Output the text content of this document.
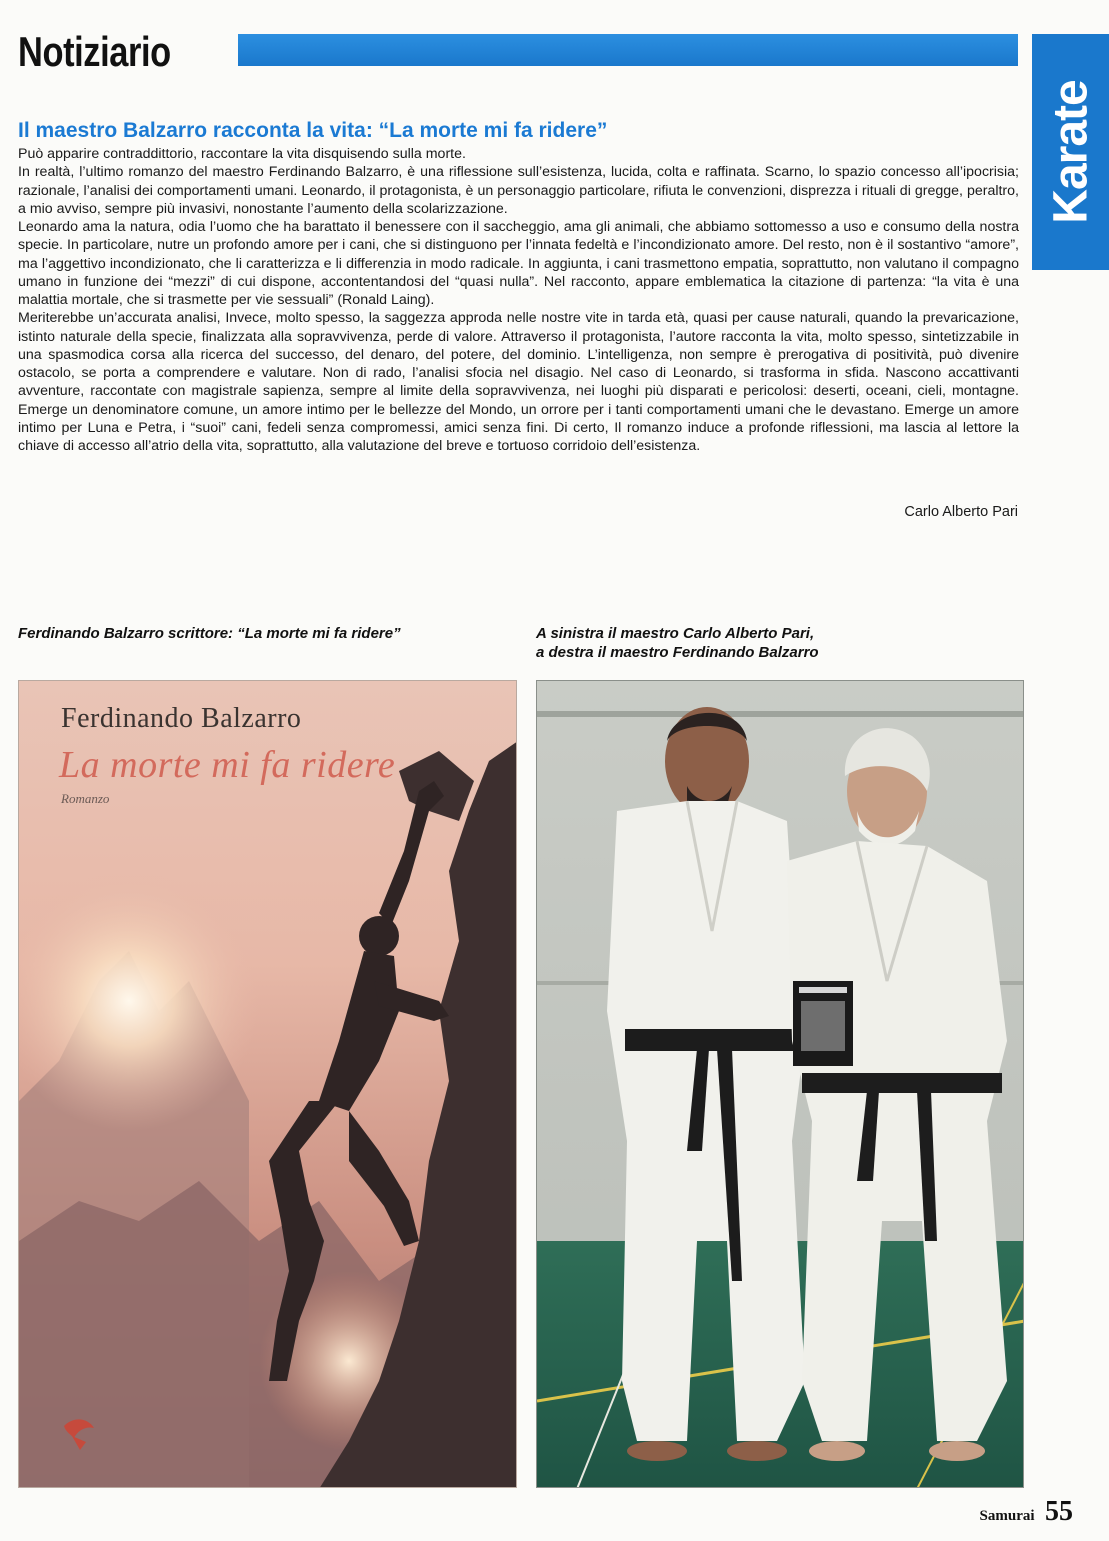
Notiziario
Karate
Il maestro Balzarro racconta la vita: “La morte mi fa ridere”

Può apparire contraddittorio, raccontare la vita disquisendo sulla morte.

In realtà, l’ultimo romanzo del maestro Ferdinando Balzarro, è una riflessione sull’esistenza, lucida, colta e raffinata. Scarno, lo spazio concesso all’ipocrisia; razionale, l’analisi dei comportamenti umani. Leonardo, il protagonista, è un personaggio particolare, rifiuta le convenzioni, disprezza i rituali di gregge, peraltro, a mio avviso, sempre più invasivi, nonostante l’aumento della scolarizzazione.

Leonardo ama la natura, odia l’uomo che ha barattato il benessere con il saccheggio, ama gli animali, che abbiamo sottomesso a uso e consumo della nostra specie. In particolare, nutre un profondo amore per i cani, che si distinguono per l’innata fedeltà e l’incondizionato amore. Del resto, non è il sostantivo “amore”, ma l’aggettivo incondizionato, che li caratterizza e li differenzia in modo radicale. In aggiunta, i cani trasmettono empatia, soprattutto, non valutano il compagno umano in funzione dei “mezzi” di cui dispone, accontentandosi del “quasi nulla”. Nel racconto, appare emblematica la citazione di partenza: “la vita è una malattia mortale, che si trasmette per vie sessuali” (Ronald Laing).

Meriterebbe un’accurata analisi, Invece, molto spesso, la saggezza approda nelle nostre vite in tarda età, quasi per cause naturali, quando la prevaricazione, istinto naturale della specie, finalizzata alla sopravvivenza, perde di valore. Attraverso il protagonista, l’autore racconta la vita, molto spesso, sintetizzabile in una spasmodica corsa alla ricerca del successo, del denaro, del potere, del dominio. L’intelligenza, non sempre è prerogativa di positività, può divenire ostacolo, se porta a comprendere e valutare. Non di rado, l’analisi sfocia nel disagio. Nel caso di Leonardo, si trasforma in sfida. Nascono accattivanti avventure, raccontate con magistrale sapienza, sempre al limite della sopravvivenza, nei luoghi più disparati e pericolosi: deserti, oceani, cieli, montagne. Emerge un denominatore comune, un amore intimo per le bellezze del Mondo, un orrore per i tanti comportamenti umani che le devastano. Emerge un amore intimo per Luna e Petra, i “suoi” cani, fedeli senza compromessi, amici senza fini. Di certo, Il romanzo induce a profonde riflessioni, ma lascia al lettore la chiave di accesso all’atrio della vita, soprattutto, alla valutazione del breve e tortuoso corridoio dell’esistenza.

Carlo Alberto Pari

Ferdinando Balzarro scrittore: “La morte mi fa ridere”	A sinistra il maestro Carlo Alberto Pari,
a destra il maestro Ferdinando Balzarro

Ferdinando Balzarro
La morte mi fa ridere
Romanzo
Samurai 55
